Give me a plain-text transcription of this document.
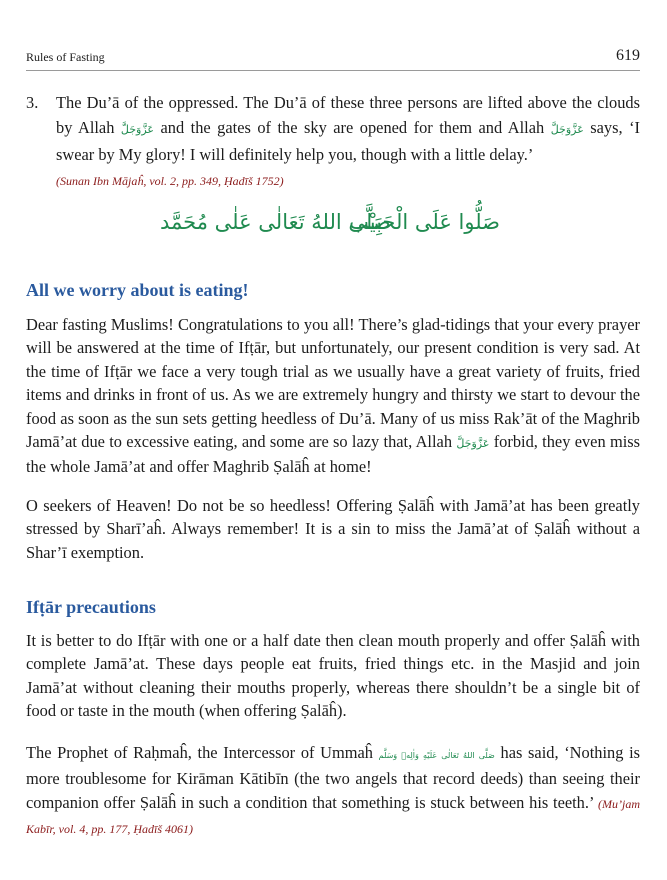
Rules of Fasting	619
3. The Du’ā of the oppressed. The Du’ā of these three persons are lifted above the clouds by Allah عَزَّوَجَلَّ and the gates of the sky are opened for them and Allah عَزَّوَجَلَّ says, ‘I swear by My glory! I will definitely help you, though with a little delay.’
(Sunan Ibn Mājaĥ, vol. 2, pp. 349, Ḥadīš 1752)
صَلُّوا عَلَى الْحَبِيْب
صَلَّى اللهُ تَعَالٰى عَلٰى مُحَمَّد
All we worry about is eating!

Dear fasting Muslims! Congratulations to you all! There’s glad-tidings that your every prayer will be answered at the time of Ifṭār, but unfortunately, our present condition is very sad. At the time of Ifṭār we face a very tough trial as we usually have a great variety of fruits, fried items and drinks in front of us. As we are extremely hungry and thirsty we start to devour the food as soon as the sun sets getting heedless of Du’ā. Many of us miss Rak’āt of the Maghrib Jamā’at due to excessive eating, and some are so lazy that, Allah عَزَّوَجَلَّ forbid, they even miss the whole Jamā’at and offer Maghrib Ṣalāĥ at home!

O seekers of Heaven! Do not be so heedless! Offering Ṣalāĥ with Jamā’at has been greatly stressed by Sharī’aĥ. Always remember! It is a sin to miss the Jamā’at of Ṣalāĥ without a Shar’ī exemption.

Ifṭār precautions

It is better to do Ifṭār with one or a half date then clean mouth properly and offer Ṣalāĥ with complete Jamā’at. These days people eat fruits, fried things etc. in the Masjid and join Jamā’at without cleaning their mouths properly, whereas there shouldn’t be a single bit of food or taste in the mouth (when offering Ṣalāĥ).

The Prophet of Raḥmaĥ, the Intercessor of Ummaĥ صَلَّى اللهُ تَعَالٰى عَلَيْهِ وَاٰلِهٖ وَسَلَّم has said, ‘Nothing is more troublesome for Kirāman Kātibīn (the two angels that record deeds) than seeing their companion offer Ṣalāĥ in such a condition that something is stuck between his teeth.’ (Mu’jam Kabīr, vol. 4, pp. 177, Ḥadīš 4061)
